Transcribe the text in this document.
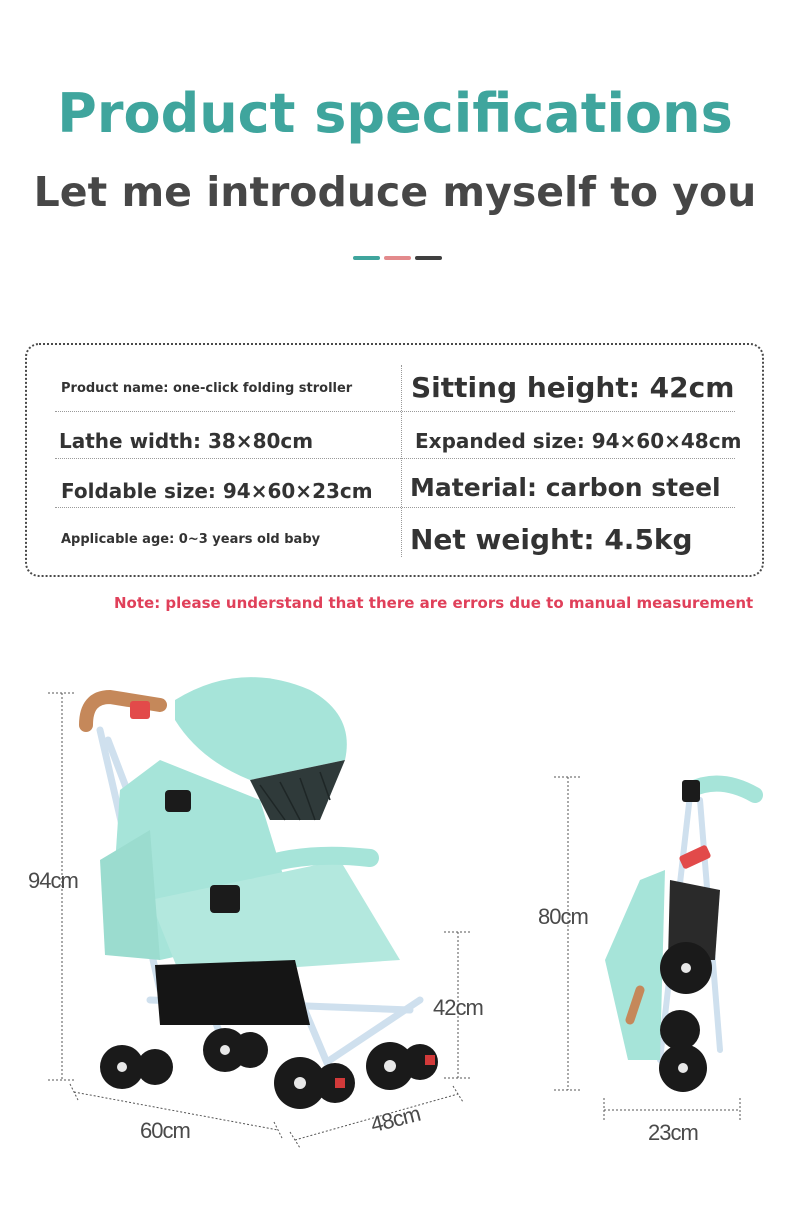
Product specifications
Let me introduce myself to you
Product name: one-click folding stroller Sitting height: 42cm
Lathe width: 38×80cm	Expanded size: 94×60×48cm
Foldable size: 94×60×23cm Material: carbon steel
Applicable age: 0~3 years old baby	Net weight: 4.5kg
Note: please understand that there are errors due to manual measurement
94cm
60cm	48cm
42cm
80cm
23cm
